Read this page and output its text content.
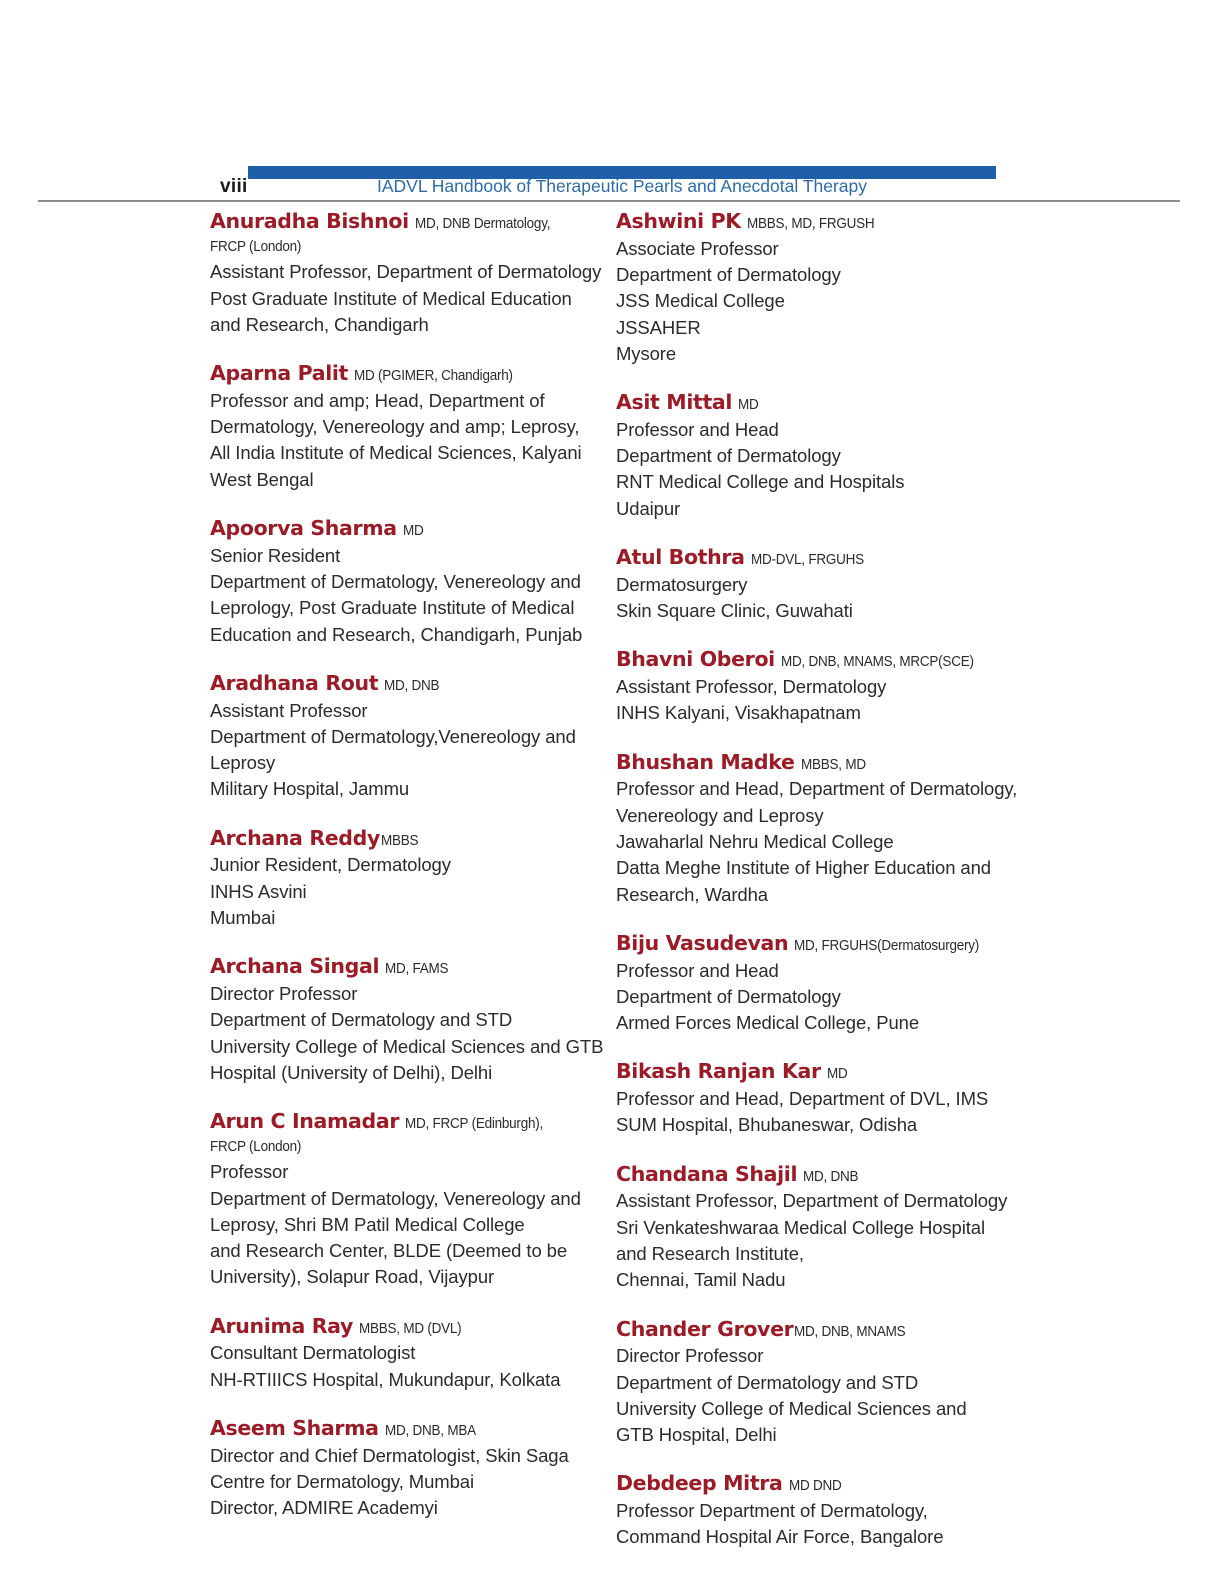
viii	IADVL Handbook of Therapeutic Pearls and Anecdotal Therapy

Anuradha Bishnoi MD, DNB Dermatology,

FRCP (London)

Assistant Professor, Department of Dermatology
Post Graduate Institute of Medical Education
and Research, Chandigarh

Aparna Palit MD (PGIMER, Chandigarh)

Professor and amp; Head, Department of
Dermatology, Venereology and amp; Leprosy,
All India Institute of Medical Sciences, Kalyani
West Bengal

Apoorva Sharma MD

Senior Resident
Department of Dermatology, Venereology and
Leprology, Post Graduate Institute of Medical
Education and Research, Chandigarh, Punjab

Aradhana Rout MD, DNB

Assistant Professor
Department of Dermatology,Venereology and
Leprosy
Military Hospital, Jammu

Archana ReddyMBBS

Junior Resident, Dermatology
INHS Asvini
Mumbai

Archana Singal MD, FAMS

Director Professor
Department of Dermatology and STD
University College of Medical Sciences and GTB
Hospital (University of Delhi), Delhi

Arun C Inamadar MD, FRCP (Edinburgh),

FRCP (London)

Professor
Department of Dermatology, Venereology and
Leprosy, Shri BM Patil Medical College
and Research Center, BLDE (Deemed to be
University), Solapur Road, Vijaypur

Arunima Ray MBBS, MD (DVL)

Consultant Dermatologist
NH-RTIIICS Hospital, Mukundapur, Kolkata

Aseem Sharma MD, DNB, MBA

Director and Chief Dermatologist, Skin Saga
Centre for Dermatology, Mumbai
Director, ADMIRE Academyi

Ashwini PK MBBS, MD, FRGUSH

Associate Professor
Department of Dermatology
JSS Medical College
JSSAHER
Mysore

Asit Mittal MD

Professor and Head
Department of Dermatology
RNT Medical College and Hospitals
Udaipur

Atul Bothra MD-DVL, FRGUHS

Dermatosurgery
Skin Square Clinic, Guwahati

Bhavni Oberoi MD, DNB, MNAMS, MRCP(SCE)

Assistant Professor, Dermatology
INHS Kalyani, Visakhapatnam

Bhushan Madke MBBS, MD

Professor and Head, Department of Dermatology,
Venereology and Leprosy
Jawaharlal Nehru Medical College
Datta Meghe Institute of Higher Education and
Research, Wardha

Biju Vasudevan MD, FRGUHS(Dermatosurgery)

Professor and Head
Department of Dermatology
Armed Forces Medical College, Pune

Bikash Ranjan Kar MD

Professor and Head, Department of DVL, IMS
SUM Hospital, Bhubaneswar, Odisha

Chandana Shajil MD, DNB

Assistant Professor, Department of Dermatology
Sri Venkateshwaraa Medical College Hospital
and Research Institute,
Chennai, Tamil Nadu

Chander GroverMD, DNB, MNAMS

Director Professor
Department of Dermatology and STD
University College of Medical Sciences and
GTB Hospital, Delhi

Debdeep Mitra MD DND

Professor Department of Dermatology,
Command Hospital Air Force, Bangalore
